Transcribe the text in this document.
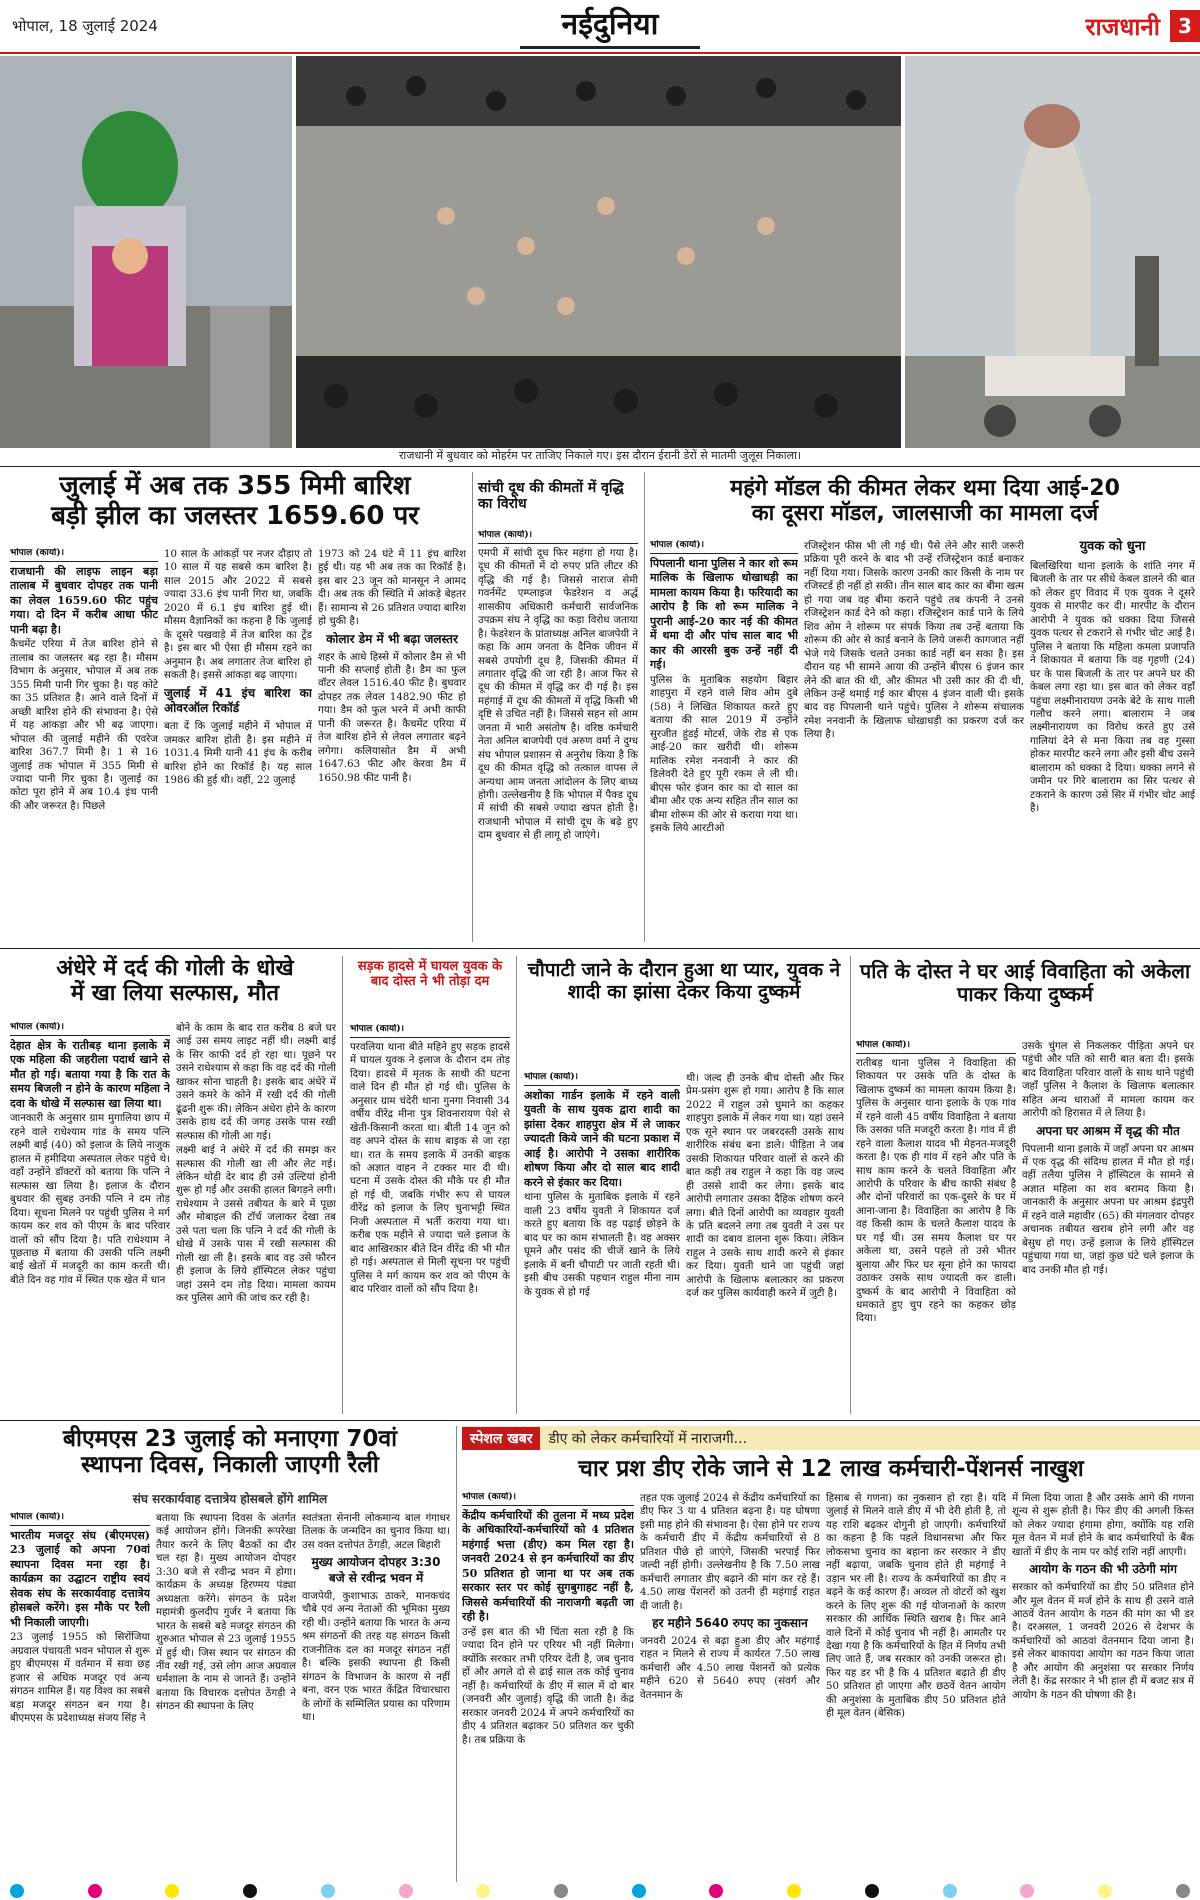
भोपाल, 18 जुलाई 2024	नईदुनिया	राजधानी 3
राजधानी में बुधवार को मोहर्रम पर ताजिए निकाले गए। इस दौरान ईरानी डेरों से मातमी जुलूस निकाला।
जुलाई में अब तक 355 मिमी बारिश
बड़ी झील का जलस्तर 1659.60 पर
भोपाल (कार्या)।

राजधानी की लाइफ लाइन बड़ा तालाब में बुधवार दोपहर तक पानी का लेवल 1659.60 फीट पहुंच गया। दो दिन में करीब आधा फीट पानी बढ़ा है।

कैचमेंट एरिया में तेज बारिश होने से तालाब का जलस्तर बढ़ रहा है। मौसम विभाग के अनुसार, भोपाल में अब तक 355 मिमी पानी गिर चुका है। यह कोटे का 35 प्रतिशत है। आने वाले दिनों में अच्छी बारिश होने की संभावना है। ऐसे में यह आंकड़ा और भी बढ़ जाएगा। भोपाल की जुलाई महीने की एवरेज बारिश 367.7 मिमी है। 1 से 16 जुलाई तक भोपाल में 355 मिमी से ज्यादा पानी गिर चुका है। जुलाई का कोटा पूरा होने में अब 10.4 इंच पानी की और जरूरत है। पिछले

10 साल के आंकड़ों पर नजर दौड़ाए तो 10 साल में यह सबसे कम बारिश है। साल 2015 और 2022 में सबसे ज्यादा 33.6 इंच पानी गिरा था, जबकि 2020 में 6.1 इंच बारिश हुई थी। मौसम वैज्ञानिकों का कहना है कि जुलाई के दूसरे पखवाड़े में तेज बारिश का ट्रेंड है। इस बार भी ऐसा ही मौसम रहने का अनुमान है। अब लगातार तेज बारिश हो सकती है। इससे आंकड़ा बढ़ जाएगा।

जुलाई में 41 इंच बारिश का ओवरऑल रिकॉर्ड

बता दें कि जुलाई महीने में भोपाल में जमकर बारिश होती है। इस महीने में 1031.4 मिमी यानी 41 इंच के करीब बारिश होने का रिकॉर्ड है। यह साल 1986 की हुई थी। वहीं, 22 जुलाई

1973 को 24 घंटे में 11 इंच बारिश हुई थी। यह भी अब तक का रिकॉर्ड है। इस बार 23 जून को मानसून ने आमद दी। अब तक की स्थिति में आंकड़े बेहतर हैं। सामान्य से 26 प्रतिशत ज्यादा बारिश हो चुकी है।

कोलार डेम में भी बढ़ा जलस्तर

शहर के आधे हिस्से में कोलार डैम से भी पानी की सप्लाई होती है। डैम का फुल वॉटर लेवल 1516.40 फीट है। बुधवार दोपहर तक लेवल 1482.90 फीट हो गया। डैम को फुल भरने में अभी काफी पानी की जरूरत है। कैचमेंट एरिया में तेज बारिश होने से लेवल लगातार बढ़ने लगेगा। कलियासोत डैम में अभी 1647.63 फीट और केरवा डैम में 1650.98 फीट पानी है।

सांची दूध की कीमतों में वृद्धि का विरोध
भोपाल (कार्या)।

एमपी में सांची दूध फिर महंगा हो गया है। दूध की कीमतों में दो रुपए प्रति लीटर की वृद्धि की गई है। जिससे नाराज सेमी गवर्नमेंट एम्प्लाइज फेडरेशन व अर्द्ध शासकीय अधिकारी कर्मचारी सार्वजनिक उपक्रम संघ ने वृद्धि का कड़ा विरोध जताया है। फेडरेशन के प्रांताध्यक्ष अनिल बाजपेयी ने कहा कि आम जनता के दैनिक जीवन में सबसे उपयोगी दूध है, जिसकी कीमत में लगातार वृद्धि की जा रही है। आज फिर से दूध की कीमत में वृद्धि कर दी गई है। इस महंगाई में दूध की कीमतों में वृद्धि किसी भी दृष्टि से उचित नहीं है। जिससे सहन सो आम जनता में भारी असंतोष है। वरिष्ठ कर्मचारी नेता अनिल बाजपेयी एवं अरुण वर्मा ने दुग्ध संघ भोपाल प्रशासन से अनुरोध किया है कि दूध की कीमत वृद्धि को तत्काल वापस ले अन्यथा आम जनता आंदोलन के लिए बाध्य होगी। उल्लेखनीय है कि भोपाल में पैक्ड दूध में सांची की सबसे ज्यादा खपत होती है। राजधानी भोपाल में सांची दूध के बढ़े हुए दाम बुधवार से ही लागू हो जाएंगे।

महंगे मॉडल की कीमत लेकर थमा दिया आई-20
का दूसरा मॉडल, जालसाजी का मामला दर्ज
भोपाल (कार्या)।

पिपलानी थाना पुलिस ने कार शो रूम मालिक के खिलाफ धोखाधड़ी का मामला कायम किया है। फरियादी का आरोप है कि शो रूम मालिक ने पुरानी आई-20 कार नई की कीमत में थमा दी और पांच साल बाद भी कार की आरसी बुक उन्हें नहीं दी गई।

पुलिस के मुताबिक सहयोग बिहार शाहपुरा में रहने वाले शिव ओम दुबे (58) ने लिखित शिकायत करते हुए बताया की साल 2019 में उन्होंने सुरजीत हुंडई मोटर्स, जेके रोड से एक आई-20 कार खरीदी थी। शोरूम मालिक रमेश ननवानी ने कार की डिलेवरी देते हुए पूरी रकम ले ली थी। बीएस फोर इंजन कार का दो साल का बीमा और एक अन्य सहित तीन साल का बीमा शोरूम की ओर से कराया गया था। इसके लिये आरटीओ

रजिस्ट्रेशन फीस भी ली गई थी। पैसे लेने और सारी जरूरी प्रक्रिया पूरी करने के बाद भी उन्हें रजिस्ट्रेशन कार्ड बनाकर नहीं दिया गया। जिसके कारण उनकी कार किसी के नाम पर रजिस्टर्ड ही नहीं हो सकी। तीन साल बाद कार का बीमा खत्म हो गया जब वह बीमा कराने पहुंचे तब कंपनी ने उनसे रजिस्ट्रेशन कार्ड देने को कहा। रजिस्ट्रेशन कार्ड पाने के लिये शिव ओम ने शोरूम पर संपर्क किया तब उन्हें बताया कि शोरूम की ओर से कार्ड बनाने के लिये जरूरी कागजात नहीं भेजे गये जिसके चलते उनका कार्ड नहीं बन सका है। इस दौरान यह भी सामने आया की उन्होंने बीएस 6 इंजन कार लेने की बात की थी, और कीमत भी उसी कार की दी थी, लेकिन उन्हें थमाई गई कार बीएस 4 इंजन वाली थी। इसके बाद वह पिपलानी थाने पहुंचे। पुलिस ने शोरूम संचालक रमेश ननवानी के खिलाफ धोखाधड़ी का प्रकरण दर्ज कर लिया है।

युवक को धुना

बिलखिरिया थाना इलाके के शांति नगर में बिजली के तार पर सीधे केबल डालने की बात को लेकर हुए विवाद में एक युवक ने दूसरे युवक से मारपीट कर दी। मारपीट के दौरान आरोपी ने युवक को धक्का दिया जिससे युवक पत्थर से टकराने से गंभीर चोट आई है। पुलिस ने बताया कि महिला कमला प्रजापति ने शिकायत में बताया कि वह गृहणी (24) घर के पास बिजली के तार पर अपने घर की केबल लगा रहा था। इस बात को लेकर वहाँ पहुंचा लक्ष्मीनारायण उनके बेटे के साथ गाली गलौच करने लगा। बालाराम ने जब लक्ष्मीनारायण का विरोध करते हुए उसे गालियां देने से मना किया तब वह गुस्सा होकर मारपीट करने लगा और इसी बीच उसने बालाराम को धक्का दे दिया। धक्का लगने से जमीन पर गिरे बालाराम का सिर पत्थर से टकराने के कारण उसे सिर में गंभीर चोट आई है।

अंधेरे में दर्द की गोली के धोखे
में खा लिया सल्फास, मौत
भोपाल (कार्या)।

देहात क्षेत्र के रातीबड़ थाना इलाके में एक महिला की जहरीला पदार्थ खाने से मौत हो गई। बताया गया है कि रात के समय बिजली न होने के कारण महिला ने दवा के धोखे में सल्फास खा लिया था।

जानकारी के अनुसार ग्राम मुगालिया छाप में रहने वाले राधेश्याम गांड के समय पत्नि लक्ष्मी बाई (40) को इलाज के लिये नाजुक हालत में हमीदिया अस्पताल लेकर पहुंचे थे। वहाँ उन्होंने डॉक्टरों को बताया कि पत्नि ने सल्फास खा लिया है। इलाज के दौरान बुधवार की सुबह उनकी पत्नि ने दम तोड़ दिया। सूचना मिलने पर पहुंची पुलिस ने मर्ग कायम कर शव को पीएम के बाद परिवार वालों को सौंप दिया है। पति राधेश्याम ने पूछताछ में बताया की उसकी पत्नि लक्ष्मी बाई खेतों में मजदूरी का काम करती थी। बीते दिन वह गांव में स्थित एक खेत में धान

बोने के काम के बाद रात करीब 8 बजे घर आई उस समय लाइट नहीं थी। लक्ष्मी बाई के सिर काफी दर्द हो रहा था। पूछने पर उसने राधेश्याम से कहा कि वह दर्द की गोली खाकर सोना चाहती है। इसके बाद अंधेरे में उसने कमरे के कोने में रखी दर्द की गोली ढूंढनी शुरू की। लेकिन अंधेरा होने के कारण उसके हाथ दर्द की जगह उसके पास रखी सल्फास की गोली आ गई।

लक्ष्मी बाई ने अंधेरे में दर्द की समझ कर सल्फास की गोली खा ली और लेट गई। लेकिन थोड़ी देर बाद ही उसे उल्टियां होनी शुरू हो गईं और उसकी हालत बिगड़ने लगी। राधेश्याम ने उससे तबीयत के बारे में पूछा और मोबाइल की टॉर्च जलाकर देखा तब उसे पता चला कि पत्नि ने दर्द की गोली के धोखे में उसके पास में रखी सल्फास की गोली खा ली है। इसके बाद वह उसे फौरन ही इलाज के लिये हॉस्पिटल लेकर पहुंचा जहां उसने दम तोड़ दिया। मामला कायम कर पुलिस आगे की जांच कर रही है।

सड़क हादसे में घायल युवक के बाद दोस्त ने भी तोड़ा दम
भोपाल (कार्या)।

परवलिया थाना बीते महिने हुए सड़क हादसे में घायल युवक ने इलाज के दौरान दम तोड़ दिया। हादसे में मृतक के साथी की घटना वाले दिन ही मौत हो गई थी। पुलिस के अनुसार ग्राम चंदेरी थाना गुनगा निवासी 34 वर्षीय वीरेंद्र मीना पुत्र शिवनारायण पेशे से खेती-किसानी करता था। बीती 14 जून को वह अपने दोस्त के साथ बाइक से जा रहा था। रात के समय इलाके में उनकी बाइक को अज्ञात वाहन ने टक्कर मार दी थी। घटना में उसके दोस्त की मौके पर ही मौत हो गई थी, जबकि गंभीर रूप से घायल वीरेंद्र को इलाज के लिए चुनाभट्टी स्थित निजी अस्पताल में भर्ती कराया गया था। करीब एक महीने से ज्यादा चले इलाज के बाद आखिरकार बीते दिन वीरेंद्र की भी मौत हो गई। अस्पताल से मिली सूचना पर पहुंची पुलिस ने मर्ग कायम कर शव को पीएम के बाद परिवार वालों को सौंप दिया है।

चौपाटी जाने के दौरान हुआ था प्यार, युवक ने शादी का झांसा देकर किया दुष्कर्म
भोपाल (कार्या)।

अशोका गार्डन इलाके में रहने वाली युवती के साथ युवक द्वारा शादी का झांसा देकर शाहपुरा क्षेत्र में ले जाकर ज्यादती किये जाने की घटना प्रकाश में आई है। आरोपी ने उसका शारीरिक शोषण किया और दो साल बाद शादी करने से इंकार कर दिया।

थाना पुलिस के मुताबिक इलाके में रहने वाली 23 वर्षीय युवती ने शिकायत दर्ज करते हुए बताया कि वह पढ़ाई छोड़ने के बाद घर का काम संभालती है। वह अक्सर घूमने और पसंद की चीजें खाने के लिये इलाके में बनी चौपाटी पर जाती रहती थी। इसी बीच उसकी पहचान राहुल मीना नाम के युवक से हो गई

थी। जल्द ही उनके बीच दोस्ती और फिर प्रेम-प्रसंग शुरू हो गया। आरोप है कि साल 2022 में राहुल उसे घुमाने का कहकर शाहपुरा इलाके में लेकर गया था। यहां उसने एक सूने स्थान पर जबरदस्ती उसके साथ शारीरिक संबंध बना डाले। पीड़िता ने जब उसकी शिकायत परिवार वालों से करने की बात कही तब राहुल ने कहा कि वह जल्द ही उससे शादी कर लेगा। इसके बाद आरोपी लगातार उसका दैहिक शोषण करने लगा। बीते दिनों आरोपी का व्यवहार युवती के प्रति बदलने लगा तब युवती ने उस पर शादी का दबाव डालना शुरू किया। लेकिन राहुल ने उसके साथ शादी करने से इंकार कर दिया। युवती थाने जा पहुंची जहां आरोपी के खिलाफ बलात्कार का प्रकरण दर्ज कर पुलिस कार्यवाही करने में जुटी है।

पति के दोस्त ने घर आई विवाहिता को अकेला पाकर किया दुष्कर्म
भोपाल (कार्या)।

रातीबड़ थाना पुलिस ने विवाहिता की शिकायत पर उसके पति के दोस्त के खिलाफ दुष्कर्म का मामला कायम किया है। पुलिस के अनुसार थाना इलाके के एक गांव में रहने वाली 45 वर्षीय विवाहिता ने बताया कि उसका पति मजदूरी करता है। गांव में ही रहने वाला कैलाश यादव भी मेहनत-मजदूरी करता है। एक ही गांव में रहने और पति के साथ काम करने के चलते विवाहिता और आरोपी के परिवार के बीच काफी संबंध है और दोनों परिवारों का एक-दूसरे के घर में आना-जाना है। विवाहिता का आरोप है कि वह किसी काम के चलते कैलाश यादव के घर गई थी। उस समय कैलाश घर पर अकेला था, उसने पहले तो उसे भीतर बुलाया और फिर घर सूना होने का फायदा उठाकर उसके साथ ज्यादती कर डाली। दुष्कर्म के बाद आरोपी ने विवाहिता को धमकाते हुए चुप रहने का कहकर छोड़ दिया।

उसके चुंगल से निकलकर पीड़िता अपने घर पहुंची और पति को सारी बात बता दी। इसके बाद विवाहिता परिवार वालों के साथ थाने पहुंची जहाँ पुलिस ने कैलाश के खिलाफ बलात्कार सहित अन्य धाराओं में मामला कायम कर आरोपी को हिरासत में ले लिया है।

अपना घर आश्रम में वृद्ध की मौत

पिपलानी थाना इलाके में जहाँ अपना घर आश्रम में एक वृद्ध की संदिग्ध हालत में मौत हो गई। वहीं तलैया पुलिस ने हॉस्पिटल के सामने से अज्ञात महिला का शव बरामद किया है। जानकारी के अनुसार अपना घर आश्रम इंद्रपुरी में रहने वाले महावीर (65) की मंगलवार दोपहर अचानक तबीयत खराब होने लगी और वह बेसुध हो गए। उन्हें इलाज के लिये हॉस्पिटल पहुंचाया गया था, जहां कुछ घंटे चले इलाज के बाद उनकी मौत हो गई।

बीएमएस 23 जुलाई को मनाएगा 70वां
स्थापना दिवस, निकाली जाएगी रैली
संघ सरकार्यवाह दत्तात्रेय होसबले होंगे शामिल
भोपाल (कार्या)।

भारतीय मजदूर संघ (बीएमएस) 23 जुलाई को अपना 70वां स्थापना दिवस मना रहा है। कार्यक्रम का उद्घाटन राष्ट्रीय स्वयं सेवक संघ के सरकार्यवाह दत्तात्रेय होसबले करेंगे। इस मौके पर रैली भी निकाली जाएगी।

23 जुलाई 1955 को सिरोंजिया अग्रवाल पंचायती भवन भोपाल से शुरू हुए बीएमएस में वर्तमान में सवा छह हजार से अधिक मजदूर एवं अन्य संगठन शामिल हैं। यह विश्व का सबसे बड़ा मजदूर संगठन बन गया है। बीएमएस के प्रदेशाध्यक्ष संजय सिंह ने

बताया कि स्थापना दिवस के अंतर्गत कई आयोजन होंगे। जिनकी रूपरेखा तैयार करने के लिए बैठकों का दौर चल रहा है। मुख्य आयोजन दोपहर 3:30 बजे से रवीन्द्र भवन में होगा। कार्यक्रम के अध्यक्ष हिरण्मय पंड्या अध्यक्षता करेंगे। संगठन के प्रदेश महामंत्री कुलदीप गुर्जर ने बताया कि भारत के सबसे बड़े मजदूर संगठन की शुरुआत भोपाल से 23 जुलाई 1955 में हुई थी। जिस स्थान पर संगठन की नींव रखी गई, उसे लोग आज अग्रवाल धर्मशाला के नाम से जानते हैं। उन्होंने बताया कि विचारक दत्तोपंत ठेंगड़ी ने संगठन की स्थापना के लिए

स्वतंत्रता सेनानी लोकमान्य बाल गंगाधर तिलक के जन्मदिन का चुनाव किया था। उस वक्त दत्तोपंत ठेंगड़ी, अटल बिहारी

मुख्य आयोजन दोपहर 3:30 बजे से रवीन्द्र भवन में

वाजपेयी, कुशाभाऊ ठाकरे, मानकचंद चौबे एवं अन्य नेताओं की भूमिका मुख्य रही थी। उन्होंने बताया कि भारत के अन्य श्रम संगठनों की तरह यह संगठन किसी राजनीतिक दल का मजदूर संगठन नहीं है। बल्कि इसकी स्थापना ही किसी संगठन के विभाजन के कारण से नहीं बना, वरन एक भारत केंद्रित विचारधारा के लोगों के सम्मिलित प्रयास का परिणाम था।

स्पेशल खबर	डीए को लेकर कर्मचारियों में नाराजगी...
चार प्रश डीए रोके जाने से 12 लाख कर्मचारी-पेंशनर्स नाखुश
भोपाल (कार्या)।

केंद्रीय कर्मचारियों की तुलना में मध्य प्रदेश के अधिकारियों-कर्मचारियों को 4 प्रतिशत महंगाई भत्ता (डीए) कम मिल रहा है। जनवरी 2024 से इन कर्मचारियों का डीए 50 प्रतिशत हो जाना था पर अब तक सरकार स्तर पर कोई सुगबुगाहट नहीं है, जिससे कर्मचारियों की नाराजगी बढ़ती जा रही है।

उन्हें इस बात की भी चिंता सता रही है कि ज्यादा दिन होने पर एरियर भी नहीं मिलेगा। क्योंकि सरकार तभी एरियर देती है, जब चुनाव हों और अगले दो से ढाई साल तक कोई चुनाव नहीं है। कर्मचारियों के डीए में साल में दो बार (जनवरी और जुलाई) वृद्धि की जाती है। केंद्र सरकार जनवरी 2024 में अपने कर्मचारियों का डीए 4 प्रतिशत बढ़ाकर 50 प्रतिशत कर चुकी है। तब प्रक्रिया के

तहत एक जुलाई 2024 से केंद्रीय कर्मचारियों का डीए फिर 3 या 4 प्रतिशत बढ़ना है। यह घोषणा इसी माह होने की संभावना है। ऐसा होने पर राज्य के कर्मचारी डीए में केंद्रीय कर्मचारियों से 8 प्रतिशत पीछे हो जाएंगे, जिसकी भरपाई फिर जल्दी नहीं होगी। उल्लेखनीय है कि 7.50 लाख कर्मचारी लगातार डीए बढ़ाने की मांग कर रहे हैं। 4.50 लाख पेंशनरों को उतनी ही महंगाई राहत दी जाती है।

हर महीने 5640 रुपए का नुकसान

जनवरी 2024 से बढ़ा हुआ डीए और महंगाई राहत न मिलने से राज्य में कार्यरत 7.50 लाख कर्मचारी और 4.50 लाख पेंशनरों को प्रत्येक महीने 620 से 5640 रुपए (संवर्ग और वेतनमान के

हिसाब से गणना) का नुकसान हो रहा है। यदि जुलाई से मिलने वाले डीए में भी देरी होती है, तो यह राशि बढ़कर दोगुनी हो जाएगी। कर्मचारियों का कहना है कि पहले विधानसभा और फिर लोकसभा चुनाव का बहाना कर सरकार ने डीए नहीं बढ़ाया, जबकि चुनाव होते ही महंगाई ने उड़ान भर ली है। राज्य के कर्मचारियों का डीए न बढ़ने के कई कारण हैं। अव्वल तो वोटरों को खुश करने के लिए शुरू की गई योजनाओं के कारण सरकार की आर्थिक स्थिति खराब है। फिर आने वाले दिनों में कोई चुनाव भी नहीं है। आमतौर पर देखा गया है कि कर्मचारियों के हित में निर्णय तभी लिए जाते हैं, जब सरकार को उनकी जरूरत हो। फिर यह डर भी है कि 4 प्रतिशत बढ़ाते ही डीए 50 प्रतिशत हो जाएगा और छठवें वेतन आयोग की अनुशंसा के मुताबिक डीए 50 प्रतिशत होते ही मूल वेतन (बेसिक)

में मिला दिया जाता है और उसके आगे की गणना शून्य से शुरू होती है। फिर डीए की अगली किस्त को लेकर ज्यादा हंगामा होगा, क्योंकि यह राशि मूल वेतन में मर्ज होने के बाद कर्मचारियों के बैंक खातों में डीए के नाम पर कोई राशि नहीं आएगी।

आयोग के गठन की भी उठेगी मांग

सरकार को कर्मचारियों का डीए 50 प्रतिशत होने और मूल वेतन में मर्ज होने के साथ ही उसने वाले आठवें वेतन आयोग के गठन की मांग का भी डर है। दरअसल, 1 जनवरी 2026 से देशभर के कर्मचारियों को आठवां वेतनमान दिया जाना है। इसे लेकर बाकायदा आयोग का गठन किया जाता है और आयोग की अनुशंसा पर सरकार निर्णय लेती है। केंद्र सरकार ने भी हाल ही में बजट सत्र में आयोग के गठन की घोषणा की है।
